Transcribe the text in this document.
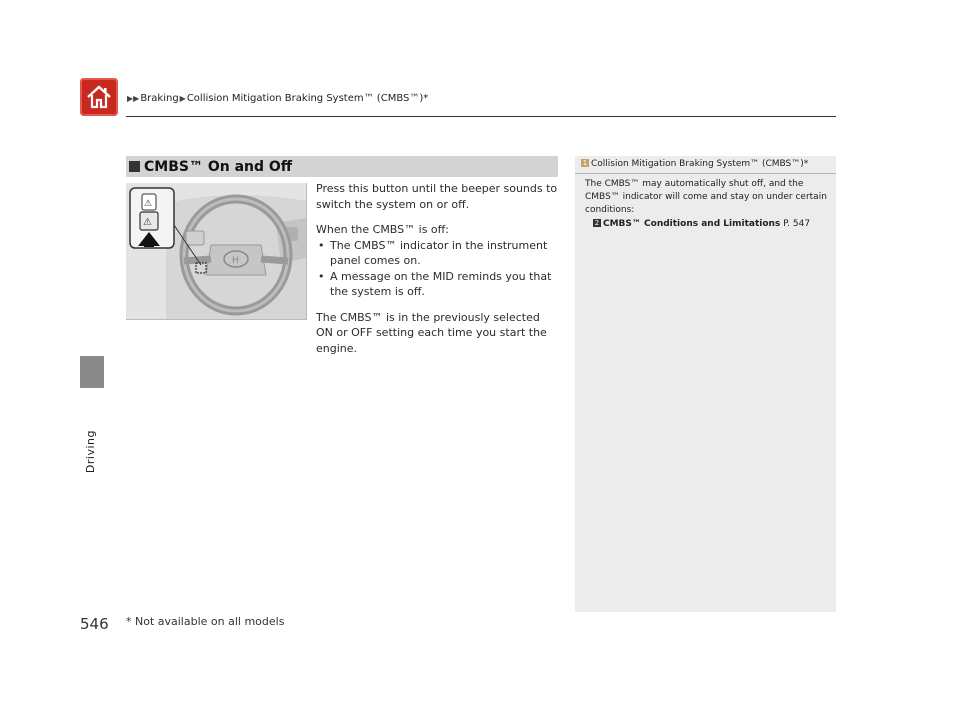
▶▶Braking▶Collision Mitigation Braking System™ (CMBS™)*
Driving
CMBS™ On and Off
H
⚠
⚠

Press this button until the beeper sounds to switch the system on or off.

When the CMBS™ is off:

• The CMBS™ indicator in the instrument panel comes on.
• A message on the MID reminds you that the system is off.

The CMBS™ is in the previously selected ON or OFF setting each time you start the engine.

1 Collision Mitigation Braking System™ (CMBS™)*
The CMBS™ may automatically shut off, and the CMBS™ indicator will come and stay on under certain conditions:
2 CMBS™ Conditions and Limitations P. 547
546 * Not available on all models
